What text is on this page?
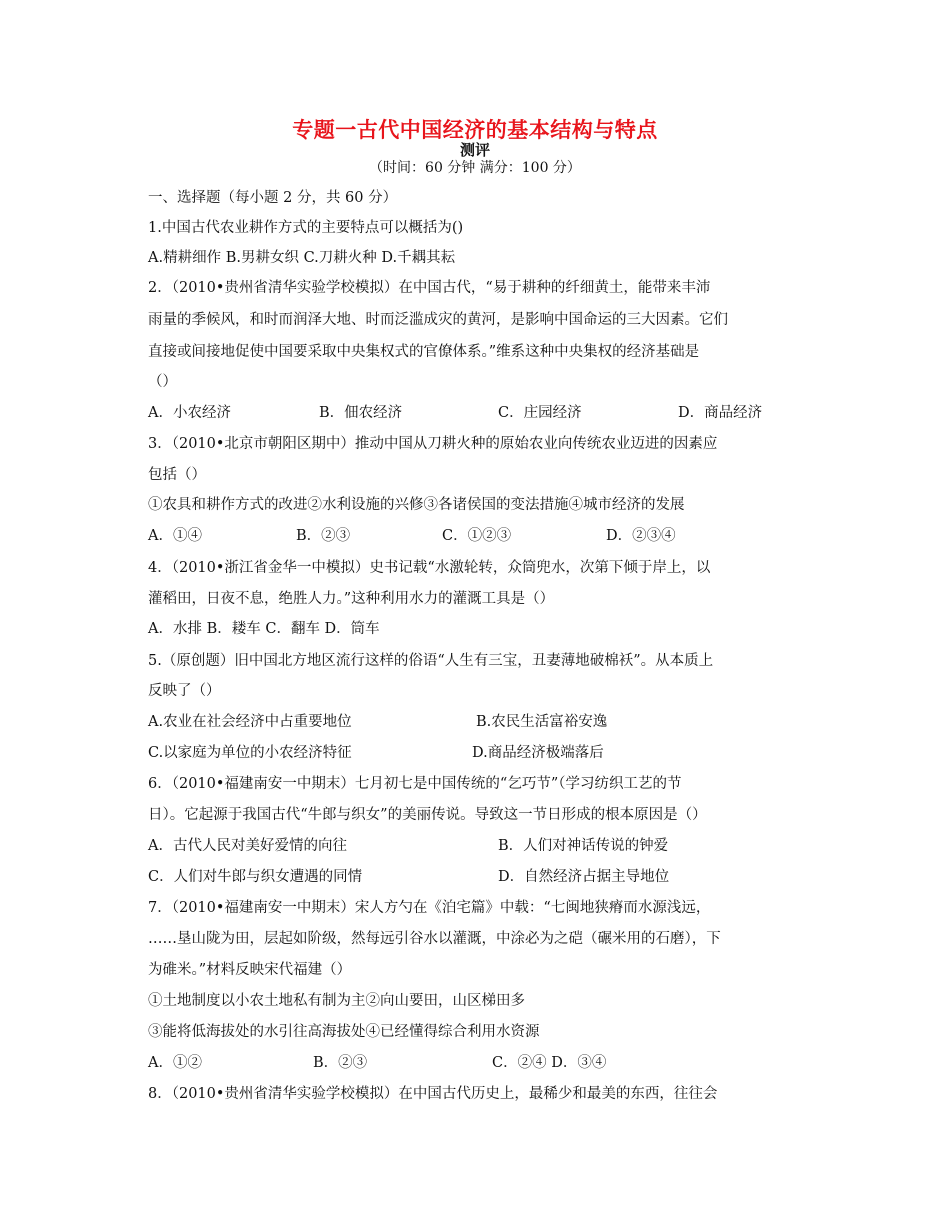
专题一古代中国经济的基本结构与特点
测评
（时间：60 分钟 满分：100 分）
一、选择题（每小题 2 分，共 60 分）
1.中国古代农业耕作方式的主要特点可以概括为()
A.精耕细作 B.男耕女织 C.刀耕火种 D.千耦其耘
2．（2010•贵州省清华实验学校模拟）在中国古代，“易于耕种的纤细黄土，能带来丰沛
雨量的季候风，和时而润泽大地、时而泛滥成灾的黄河，是影响中国命运的三大因素。它们
直接或间接地促使中国要采取中央集权式的官僚体系。”维系这种中央集权的经济基础是
（）
A．小农经济	B．佃农经济	C．庄园经济	D．商品经济
3．（2010•北京市朝阳区期中）推动中国从刀耕火种的原始农业向传统农业迈进的因素应
包括（）
①农具和耕作方式的改进②水利设施的兴修③各诸侯国的变法措施④城市经济的发展
A．①④	B．②③	C．①②③	D．②③④
4．（2010•浙江省金华一中模拟）史书记载“水激轮转，众筒兜水，次第下倾于岸上，以
灌稻田，日夜不息，绝胜人力。”这种利用水力的灌溉工具是（）
A．水排 B．耧车 C．翻车 D．筒车
5.（原创题）旧中国北方地区流行这样的俗语“人生有三宝，丑妻薄地破棉袄”。从本质上
反映了（）
A.农业在社会经济中占重要地位	B.农民生活富裕安逸
C.以家庭为单位的小农经济特征	D.商品经济极端落后
6．（2010•福建南安一中期末）七月初七是中国传统的“乞巧节”（学习纺织工艺的节
日）。它起源于我国古代“牛郎与织女”的美丽传说。导致这一节日形成的根本原因是（）
A．古代人民对美好爱情的向往	B．人们对神话传说的钟爱
C．人们对牛郎与织女遭遇的同情	D．自然经济占据主导地位
7．（2010•福建南安一中期末）宋人方勺在《泊宅篇》中载：“七闽地狭瘠而水源浅远，
……垦山陇为田，层起如阶级，然每远引谷水以灌溉，中涂必为之硙（碾米用的石磨），下
为碓米。”材料反映宋代福建（）
①土地制度以小农土地私有制为主②向山要田，山区梯田多
③能将低海拔处的水引往高海拔处④已经懂得综合利用水资源
A．①②	B．②③	C．②④ D．③④
8．（2010•贵州省清华实验学校模拟）在中国古代历史上，最稀少和最美的东西，往往会
